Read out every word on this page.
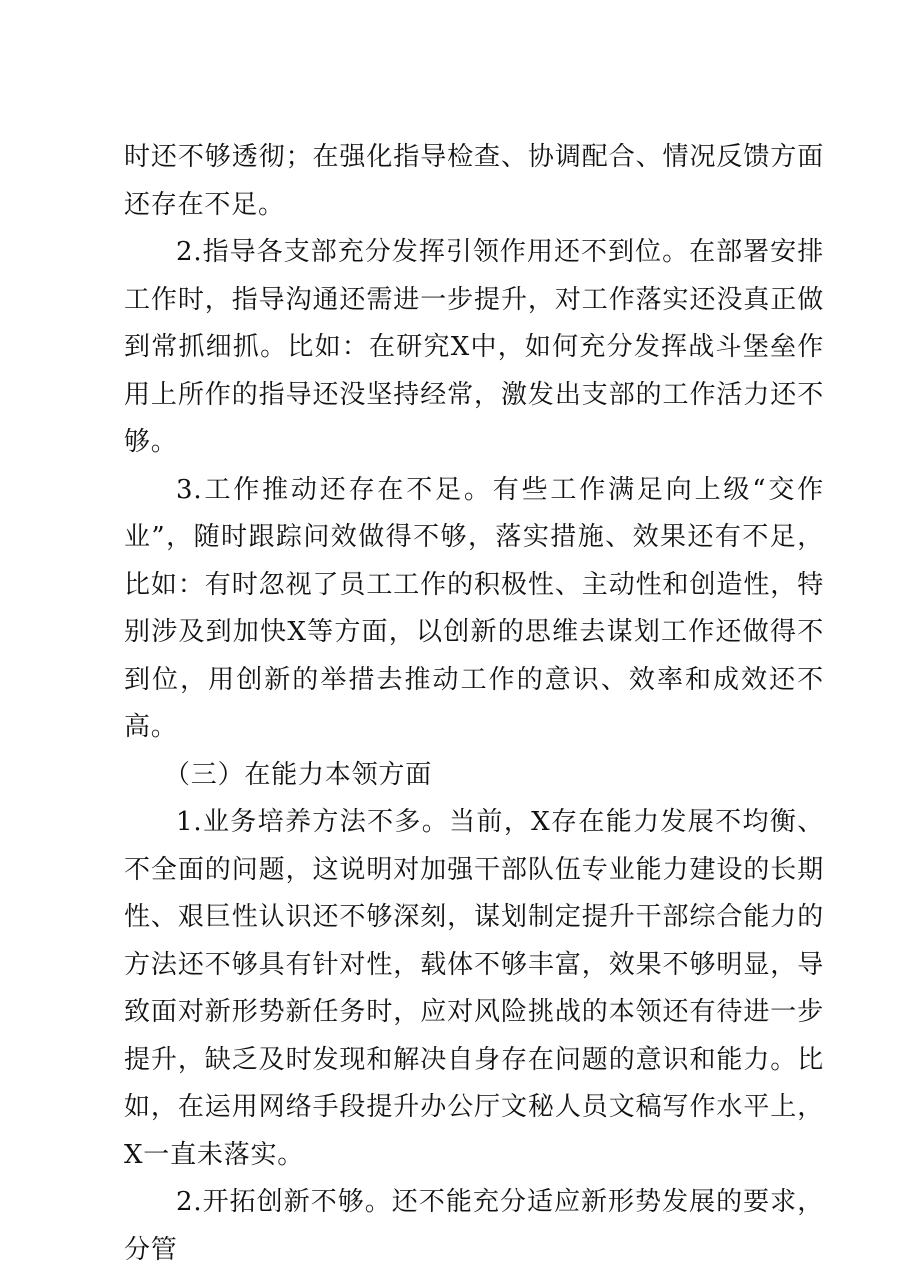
时还不够透彻；在强化指导检查、协调配合、情况反馈方面还存在不足。

2.指导各支部充分发挥引领作用还不到位。在部署安排工作时，指导沟通还需进一步提升，对工作落实还没真正做到常抓细抓。比如：在研究X中，如何充分发挥战斗堡垒作用上所作的指导还没坚持经常，激发出支部的工作活力还不够。

3.工作推动还存在不足。有些工作满足向上级“交作业”，随时跟踪问效做得不够，落实措施、效果还有不足，比如：有时忽视了员工工作的积极性、主动性和创造性，特别涉及到加快X等方面，以创新的思维去谋划工作还做得不到位，用创新的举措去推动工作的意识、效率和成效还不高。

（三）在能力本领方面

1.业务培养方法不多。当前，X存在能力发展不均衡、不全面的问题，这说明对加强干部队伍专业能力建设的长期性、艰巨性认识还不够深刻，谋划制定提升干部综合能力的方法还不够具有针对性，载体不够丰富，效果不够明显，导致面对新形势新任务时，应对风险挑战的本领还有待进一步提升，缺乏及时发现和解决自身存在问题的意识和能力。比如，在运用网络手段提升办公厅文秘人员文稿写作水平上，X一直未落实。

2.开拓创新不够。还不能充分适应新形势发展的要求，分管
